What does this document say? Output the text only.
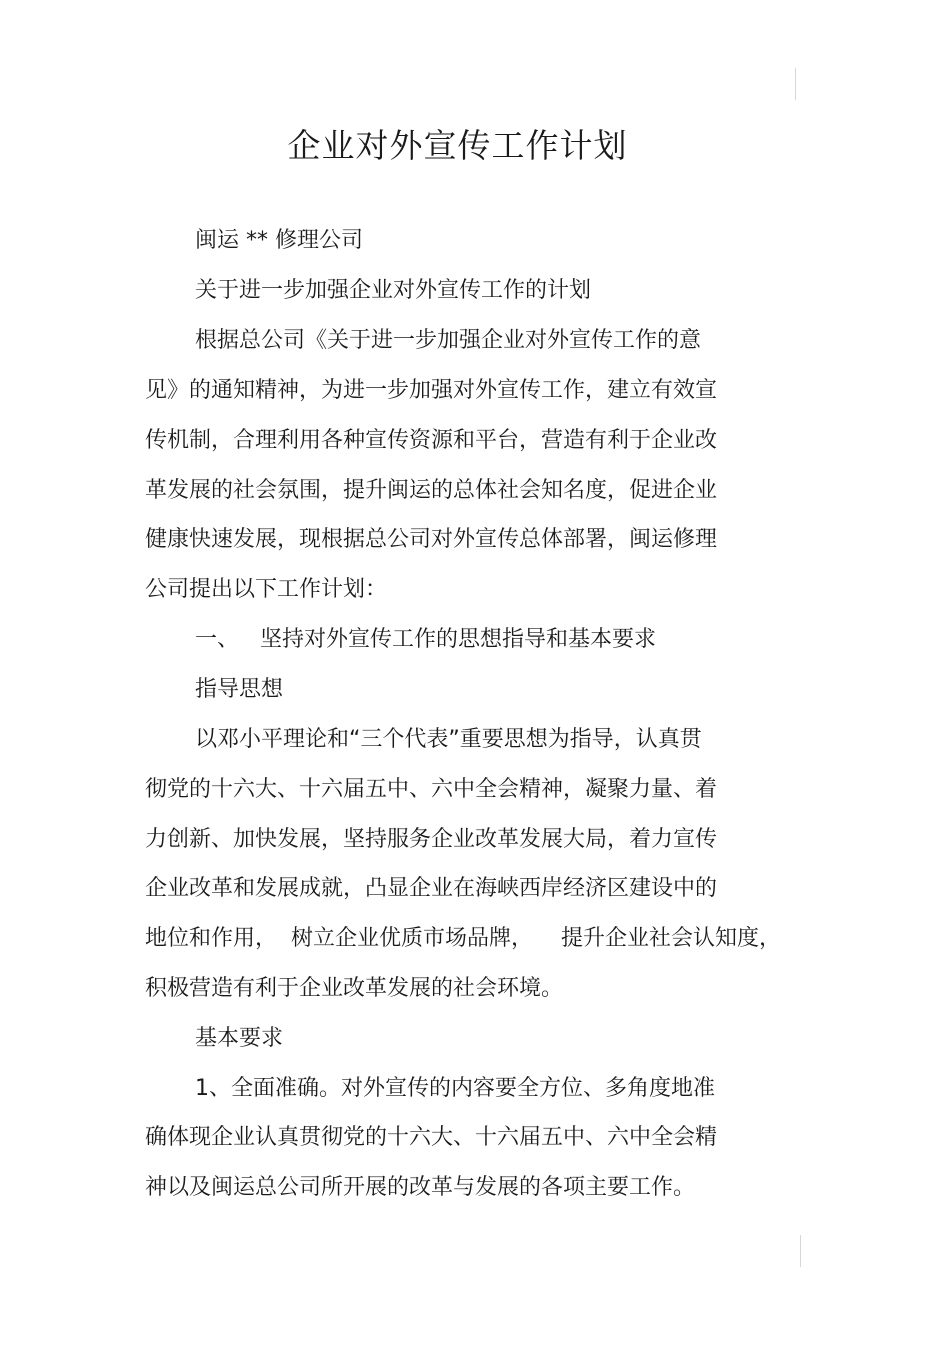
企业对外宣传工作计划

闽运 ** 修理公司

关于进一步加强企业对外宣传工作的计划

根据总公司《关于进一步加强企业对外宣传工作的意

见》的通知精神，为进一步加强对外宣传工作，建立有效宣

传机制，合理利用各种宣传资源和平台，营造有利于企业改

革发展的社会氛围，提升闽运的总体社会知名度，促进企业

健康快速发展，现根据总公司对外宣传总体部署，闽运修理

公司提出以下工作计划：

一、   坚持对外宣传工作的思想指导和基本要求

指导思想

以邓小平理论和“三个代表”重要思想为指导，认真贯

彻党的十六大、十六届五中、六中全会精神，凝聚力量、着

力创新、加快发展，坚持服务企业改革发展大局，着力宣传

企业改革和发展成就，凸显企业在海峡西岸经济区建设中的

地位和作用，  树立企业优质市场品牌，    提升企业社会认知度，

积极营造有利于企业改革发展的社会环境。

基本要求

1、全面准确。对外宣传的内容要全方位、多角度地准

确体现企业认真贯彻党的十六大、十六届五中、六中全会精

神以及闽运总公司所开展的改革与发展的各项主要工作。
